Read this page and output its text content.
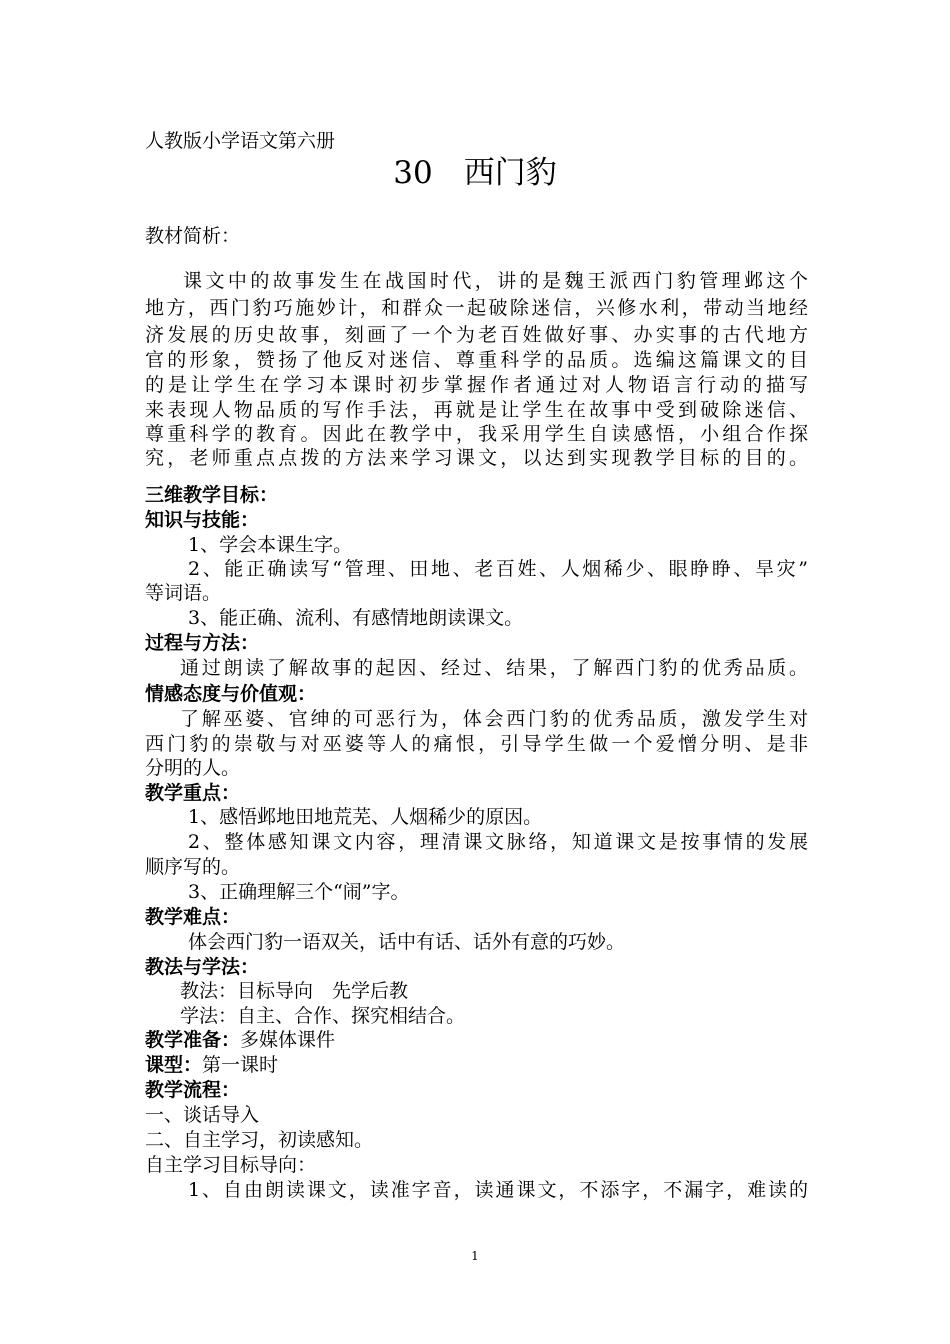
人教版小学语文第六册
30　西门豹
教材简析：
课文中的故事发生在战国时代，讲的是魏王派西门豹管理邺这个
地方，西门豹巧施妙计，和群众一起破除迷信，兴修水利，带动当地经
济发展的历史故事，刻画了一个为老百姓做好事、办实事的古代地方
官的形象，赞扬了他反对迷信、尊重科学的品质。选编这篇课文的目
的是让学生在学习本课时初步掌握作者通过对人物语言行动的描写
来表现人物品质的写作手法，再就是让学生在故事中受到破除迷信、
尊重科学的教育。因此在教学中，我采用学生自读感悟，小组合作探
究，老师重点点拨的方法来学习课文，以达到实现教学目标的目的。
三维教学目标：
知识与技能：
1、学会本课生字。
2、能正确读写“管理、田地、老百姓、人烟稀少、眼睁睁、旱灾”
等词语。
3、能正确、流利、有感情地朗读课文。
过程与方法：
通过朗读了解故事的起因、经过、结果，了解西门豹的优秀品质。
情感态度与价值观：
了解巫婆、官绅的可恶行为，体会西门豹的优秀品质，激发学生对
西门豹的崇敬与对巫婆等人的痛恨，引导学生做一个爱憎分明、是非
分明的人。
教学重点：
1、感悟邺地田地荒芜、人烟稀少的原因。
2、整体感知课文内容，理清课文脉络，知道课文是按事情的发展
顺序写的。
3、正确理解三个“闹”字。
教学难点：
体会西门豹一语双关，话中有话、话外有意的巧妙。
教法与学法：
教法：目标导向　先学后教
学法：自主、合作、探究相结合。
教学准备：多媒体课件
课型：第一课时
教学流程：
一、谈话导入
二、自主学习，初读感知。
自主学习目标导向：
1、自由朗读课文，读准字音，读通课文，不添字，不漏字，难读的
1
